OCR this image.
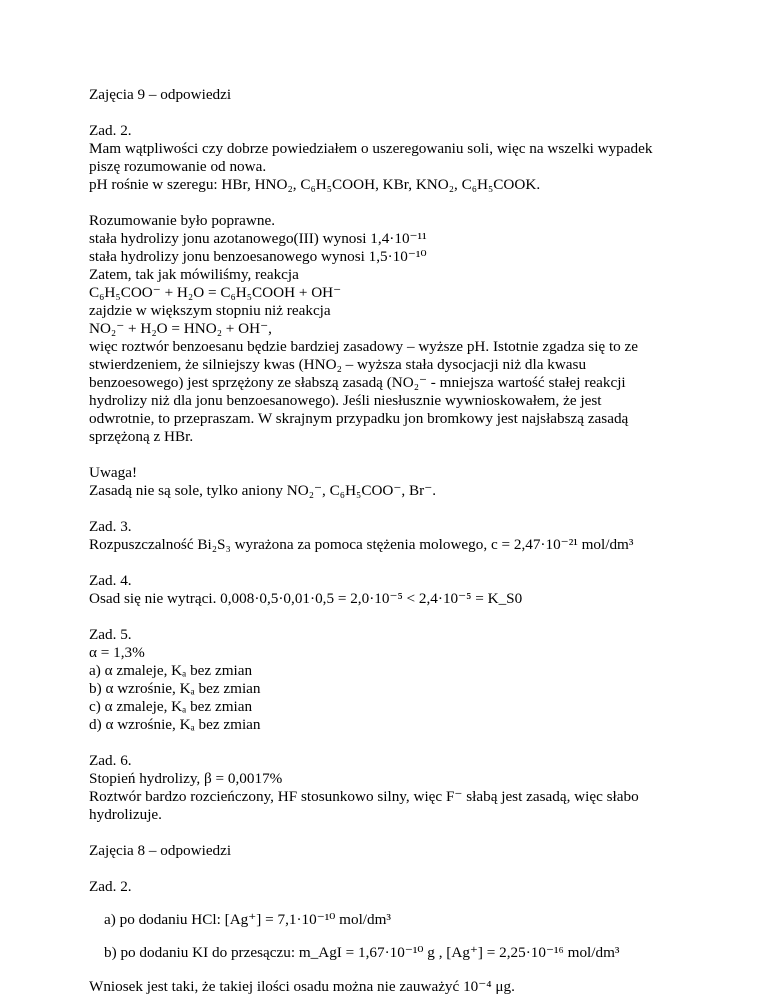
Zajęcia 9 – odpowiedzi

Zad. 2.

Mam wątpliwości czy dobrze powiedziałem o uszeregowaniu soli, więc na wszelki wypadek

piszę rozumowanie od nowa.

pH rośnie w szeregu: HBr, HNO₂, C₆H₅COOH, KBr, KNO₂, C₆H₅COOK.

Rozumowanie było poprawne.

stała hydrolizy jonu azotanowego(III) wynosi 1,4·10⁻¹¹

stała hydrolizy jonu benzoesanowego wynosi 1,5·10⁻¹⁰

Zatem, tak jak mówiliśmy, reakcja

C₆H₅COO⁻ + H₂O = C₆H₅COOH + OH⁻

zajdzie w większym stopniu niż reakcja

NO₂⁻ + H₂O = HNO₂ + OH⁻,

więc roztwór benzoesanu będzie bardziej zasadowy – wyższe pH. Istotnie zgadza się to ze

stwierdzeniem, że silniejszy kwas (HNO₂ – wyższa stała dysocjacji niż dla kwasu

benzoesowego) jest sprzężony ze słabszą zasadą (NO₂⁻ - mniejsza wartość stałej reakcji

hydrolizy niż dla jonu benzoesanowego). Jeśli niesłusznie wywnioskowałem, że jest

odwrotnie, to przepraszam. W skrajnym przypadku jon bromkowy jest najsłabszą zasadą

sprzężoną z HBr.

Uwaga!

Zasadą nie są sole, tylko aniony NO₂⁻, C₆H₅COO⁻, Br⁻.

Zad. 3.

Rozpuszczalność Bi₂S₃ wyrażona za pomoca stężenia molowego, c = 2,47·10⁻²¹ mol/dm³

Zad. 4.

Osad się nie wytrąci. 0,008·0,5·0,01·0,5 = 2,0·10⁻⁵ < 2,4·10⁻⁵ = K_S0

Zad. 5.

α = 1,3%

a) α zmaleje, Kₐ bez zmian

b) α wzrośnie, Kₐ bez zmian

c) α zmaleje, Kₐ bez zmian

d) α wzrośnie, Kₐ bez zmian

Zad. 6.

Stopień hydrolizy, β = 0,0017%

Roztwór bardzo rozcieńczony, HF stosunkowo silny, więc F⁻ słabą jest zasadą, więc słabo

hydrolizuje.

Zajęcia 8 – odpowiedzi

Zad. 2.

a) po dodaniu HCl: [Ag⁺] = 7,1·10⁻¹⁰ mol/dm³

b) po dodaniu KI do przesączu: m_AgI = 1,67·10⁻¹⁰ g , [Ag⁺] = 2,25·10⁻¹⁶ mol/dm³

Wniosek jest taki, że takiej ilości osadu można nie zauważyć 10⁻⁴ μg.
